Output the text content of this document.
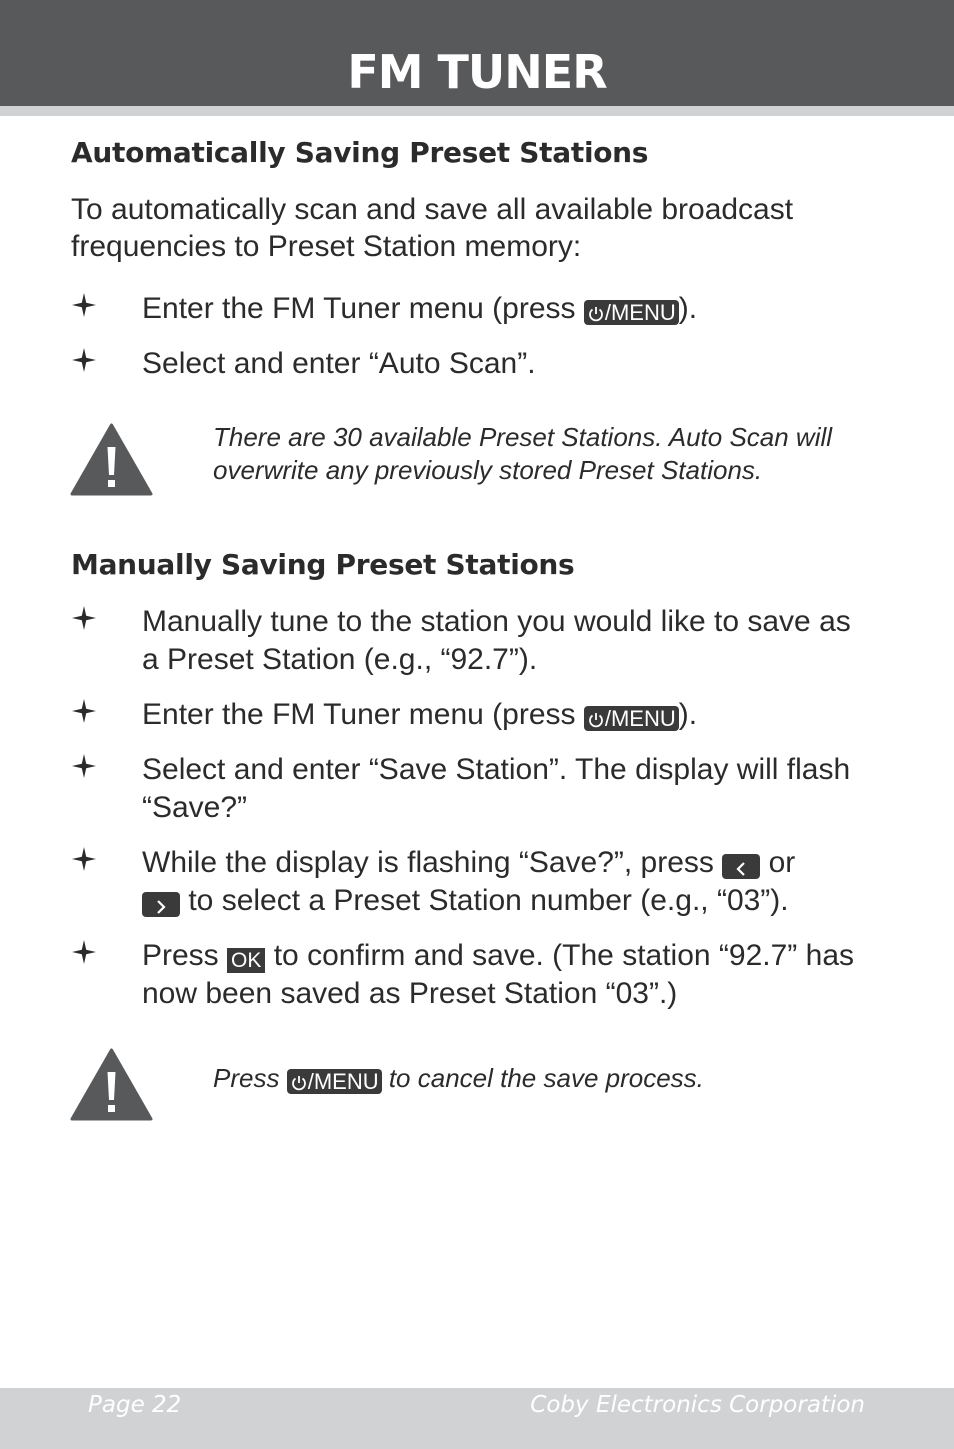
FM TUNER
Automatically Saving Preset Stations

To automatically scan and save all available broadcast frequencies to Preset Station memory:

Enter the FM Tuner menu (press /MENU ).

Select and enter “Auto Scan”.

There are 30 available Preset Stations. Auto Scan will overwrite any previously stored Preset Stations.

Manually Saving Preset Stations

Manually tune to the station you would like to save as a Preset Station (e.g., “92.7”).

Enter the FM Tuner menu (press /MENU ).

Select and enter “Save Station”. The display will flash “Save?”

While the display is flashing “Save?”, press or
to select a Preset Station number (e.g., “03”).

Press OK to confirm and save. (The station “92.7” has now been saved as Preset Station “03”.)

Press /MENU to cancel the save process.

Page 22	Coby Electronics Corporation
